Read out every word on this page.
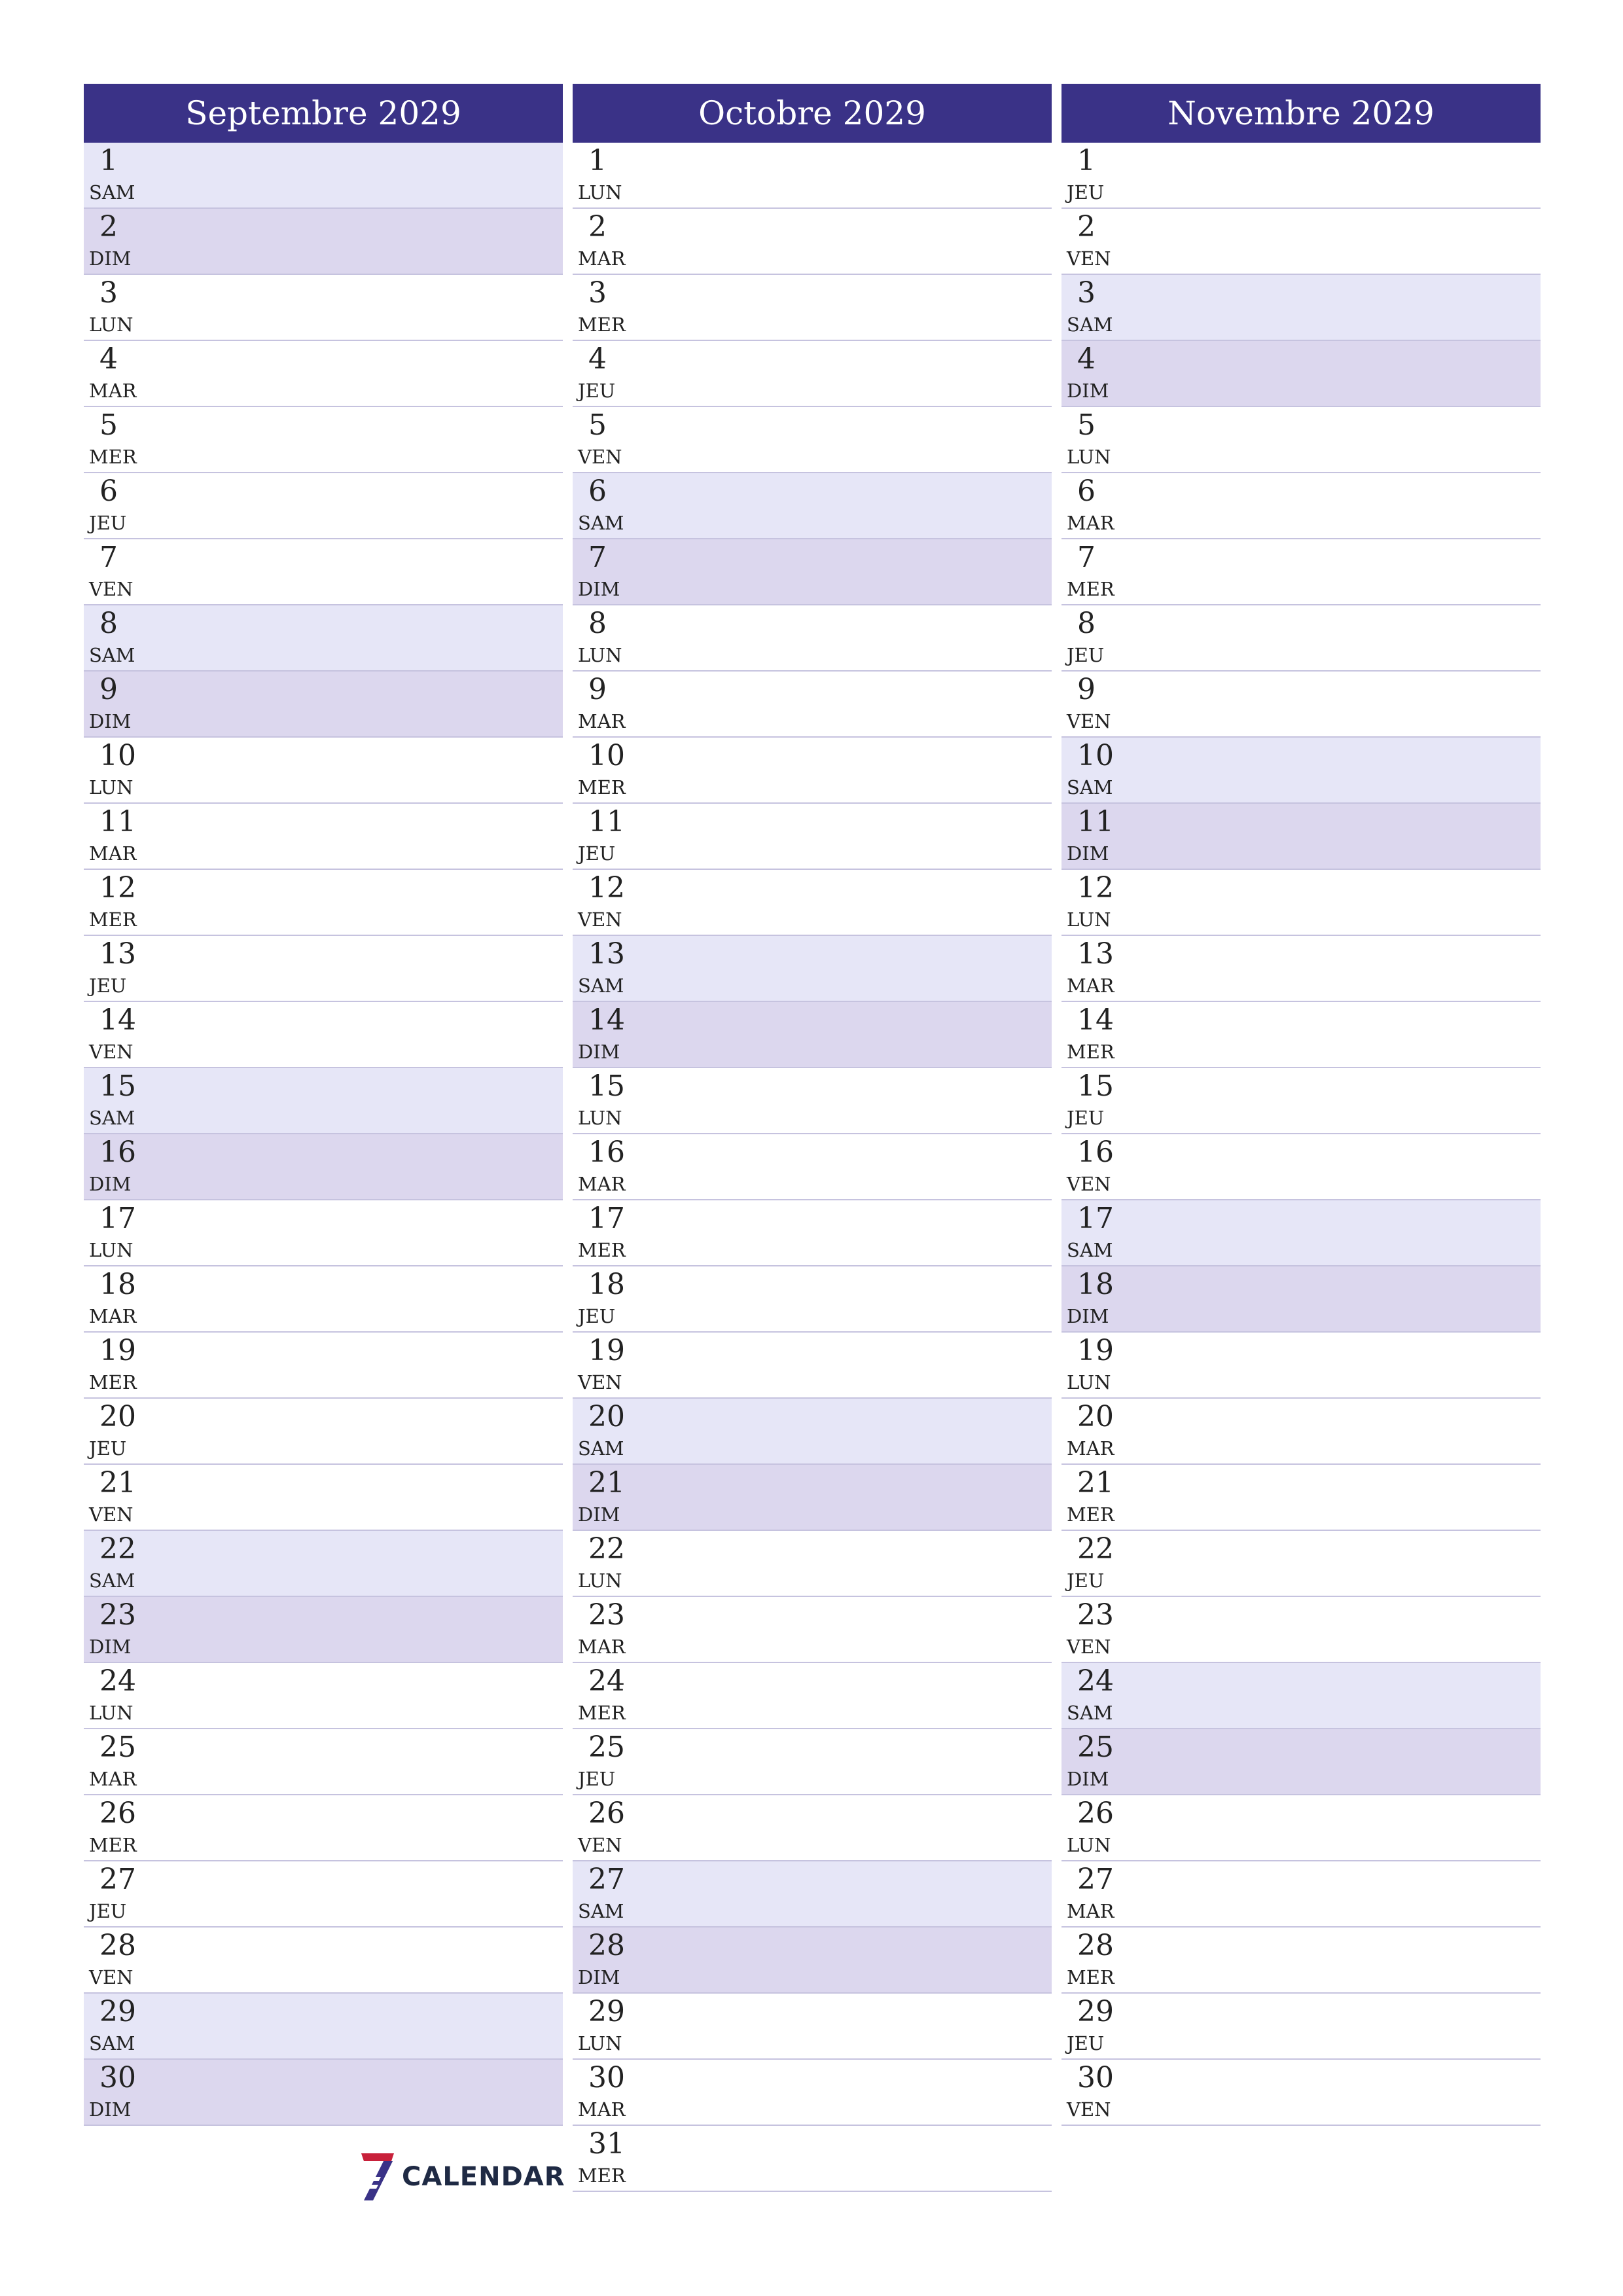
Septembre 2029
1
SAM
2
DIM
3
LUN
4
MAR
5
MER
6
JEU
7
VEN
8
SAM
9
DIM
10
LUN
11
MAR
12
MER
13
JEU
14
VEN
15
SAM
16
DIM
17
LUN
18
MAR
19
MER
20
JEU
21
VEN
22
SAM
23
DIM
24
LUN
25
MAR
26
MER
27
JEU
28
VEN
29
SAM
30
DIM
Octobre 2029
1
LUN
2
MAR
3
MER
4
JEU
5
VEN
6
SAM
7
DIM
8
LUN
9
MAR
10
MER
11
JEU
12
VEN
13
SAM
14
DIM
15
LUN
16
MAR
17
MER
18
JEU
19
VEN
20
SAM
21
DIM
22
LUN
23
MAR
24
MER
25
JEU
26
VEN
27
SAM
28
DIM
29
LUN
30
MAR
31
MER
Novembre 2029
1
JEU
2
VEN
3
SAM
4
DIM
5
LUN
6
MAR
7
MER
8
JEU
9
VEN
10
SAM
11
DIM
12
LUN
13
MAR
14
MER
15
JEU
16
VEN
17
SAM
18
DIM
19
LUN
20
MAR
21
MER
22
JEU
23
VEN
24
SAM
25
DIM
26
LUN
27
MAR
28
MER
29
JEU
30
VEN
CALENDAR
